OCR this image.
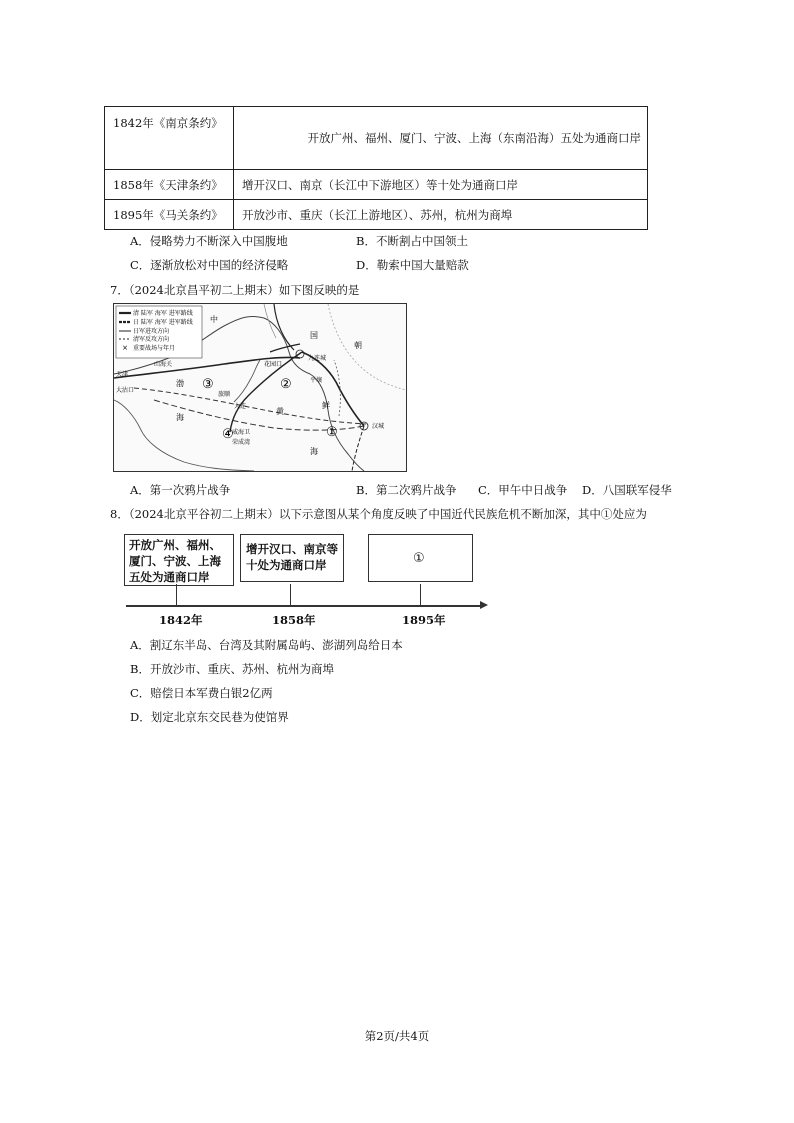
1842年《南京条约》	开放广州、福州、厦门、宁波、上海（东南沿海）五处为通商口岸
1858年《天津条约》	增开汉口、南京（长江中下游地区）等十处为通商口岸
1895年《马关条约》	开放沙市、重庆（长江上游地区）、苏州，杭州为商埠
A．侵略势力不断深入中国腹地	B．不断割占中国领土
C．逐渐放松对中国的经济侵略	D．勒索中国大量赔款
7．（2024北京昌平初二上期末）如下图反映的是
×
清 陆军 海军 进军路线
日 陆军 海军 进军路线
日军进攻方向
清军反攻方向
重要战场与年月
中
国
朝
鲜
渤
海
黄
海
天津
大沽口
山海关
大连
旅顺
花园口
九连城
平壤
汉城
威海卫
荣成湾
①
②
③
④
A．第一次鸦片战争	B．第二次鸦片战争 C．甲午中日战争 D．八国联军侵华
8．（2024北京平谷初二上期末）以下示意图从某个角度反映了中国近代民族危机不断加深，其中①处应为
开放广州、福州、
厦门、宁波、上海
五处为通商口岸
增开汉口、南京等
十处为通商口岸	①
1842年	1858年	1895年
A．割辽东半岛、台湾及其附属岛屿、澎湖列岛给日本
B．开放沙市、重庆、苏州、杭州为商埠
C．赔偿日本军费白银2亿两
D．划定北京东交民巷为使馆界
第2页/共4页
